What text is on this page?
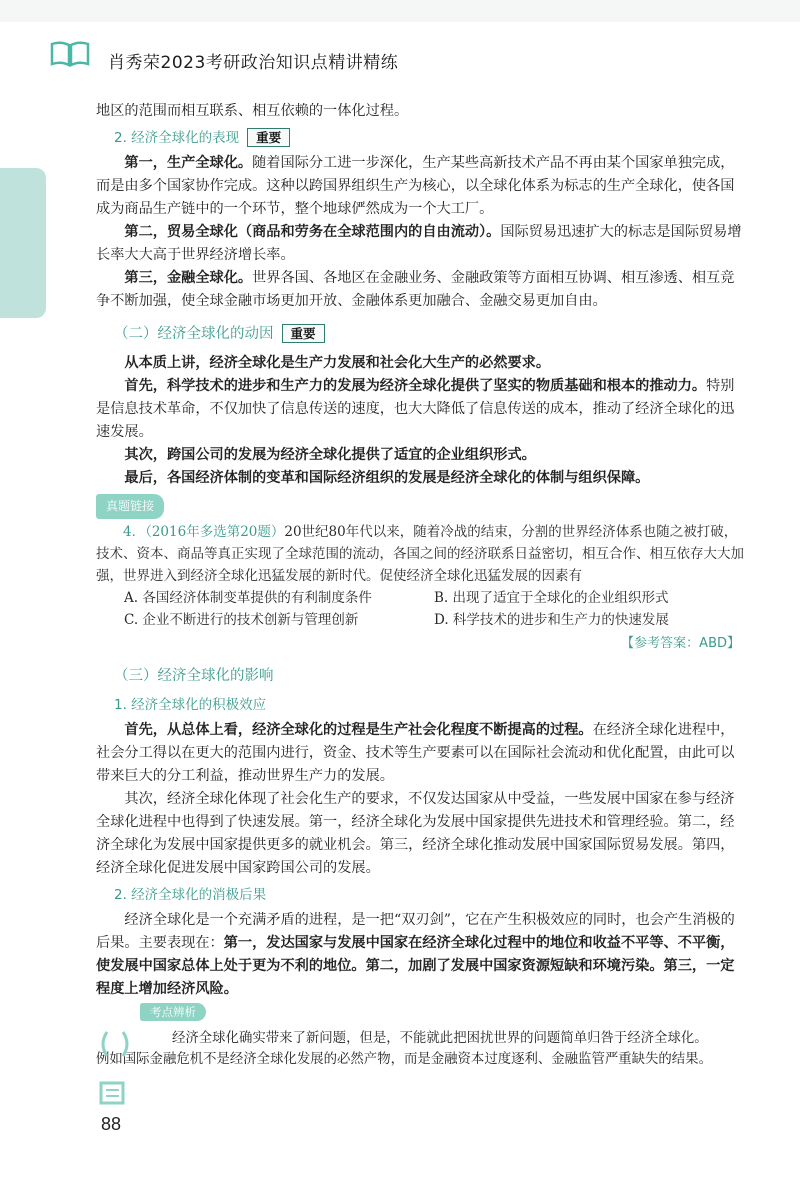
肖秀荣2023考研政治知识点精讲精练

地区的范围而相互联系、相互依赖的一体化过程。

2. 经济全球化的表现 重要

第一，生产全球化。随着国际分工进一步深化，生产某些高新技术产品不再由某个国家单独完成，而是由多个国家协作完成。这种以跨国界组织生产为核心，以全球化体系为标志的生产全球化，使各国成为商品生产链中的一个环节，整个地球俨然成为一个大工厂。

第二，贸易全球化（商品和劳务在全球范围内的自由流动）。国际贸易迅速扩大的标志是国际贸易增长率大大高于世界经济增长率。

第三，金融全球化。世界各国、各地区在金融业务、金融政策等方面相互协调、相互渗透、相互竞争不断加强，使全球金融市场更加开放、金融体系更加融合、金融交易更加自由。

（二）经济全球化的动因 重要

从本质上讲，经济全球化是生产力发展和社会化大生产的必然要求。

首先，科学技术的进步和生产力的发展为经济全球化提供了坚实的物质基础和根本的推动力。特别是信息技术革命，不仅加快了信息传送的速度，也大大降低了信息传送的成本，推动了经济全球化的迅速发展。

其次，跨国公司的发展为经济全球化提供了适宜的企业组织形式。

最后，各国经济体制的变革和国际经济组织的发展是经济全球化的体制与组织保障。

真题链接

4．（2016年多选第20题）20世纪80年代以来，随着冷战的结束，分割的世界经济体系也随之被打破，技术、资本、商品等真正实现了全球范围的流动，各国之间的经济联系日益密切，相互合作、相互依存大大加强，世界进入到经济全球化迅猛发展的新时代。促使经济全球化迅猛发展的因素有

A. 各国经济体制变革提供的有利制度条件	B. 出现了适宜于全球化的企业组织形式
C. 企业不断进行的技术创新与管理创新	D. 科学技术的进步和生产力的快速发展

【参考答案：ABD】

（三）经济全球化的影响

1. 经济全球化的积极效应

首先，从总体上看，经济全球化的过程是生产社会化程度不断提高的过程。在经济全球化进程中，社会分工得以在更大的范围内进行，资金、技术等生产要素可以在国际社会流动和优化配置，由此可以带来巨大的分工利益，推动世界生产力的发展。

其次，经济全球化体现了社会化生产的要求，不仅发达国家从中受益，一些发展中国家在参与经济全球化进程中也得到了快速发展。第一，经济全球化为发展中国家提供先进技术和管理经验。第二，经济全球化为发展中国家提供更多的就业机会。第三，经济全球化推动发展中国家国际贸易发展。第四，经济全球化促进发展中国家跨国公司的发展。

2. 经济全球化的消极后果

经济全球化是一个充满矛盾的进程，是一把“双刃剑”，它在产生积极效应的同时，也会产生消极的后果。主要表现在：第一，发达国家与发展中国家在经济全球化过程中的地位和收益不平等、不平衡，使发展中国家总体上处于更为不利的地位。第二，加剧了发展中国家资源短缺和环境污染。第三，一定程度上增加经济风险。

考点辨析
经济全球化确实带来了新问题，但是，不能就此把困扰世界的问题简单归咎于经济全球化。
例如国际金融危机不是经济全球化发展的必然产物，而是金融资本过度逐利、金融监管严重缺失的结果。
88
